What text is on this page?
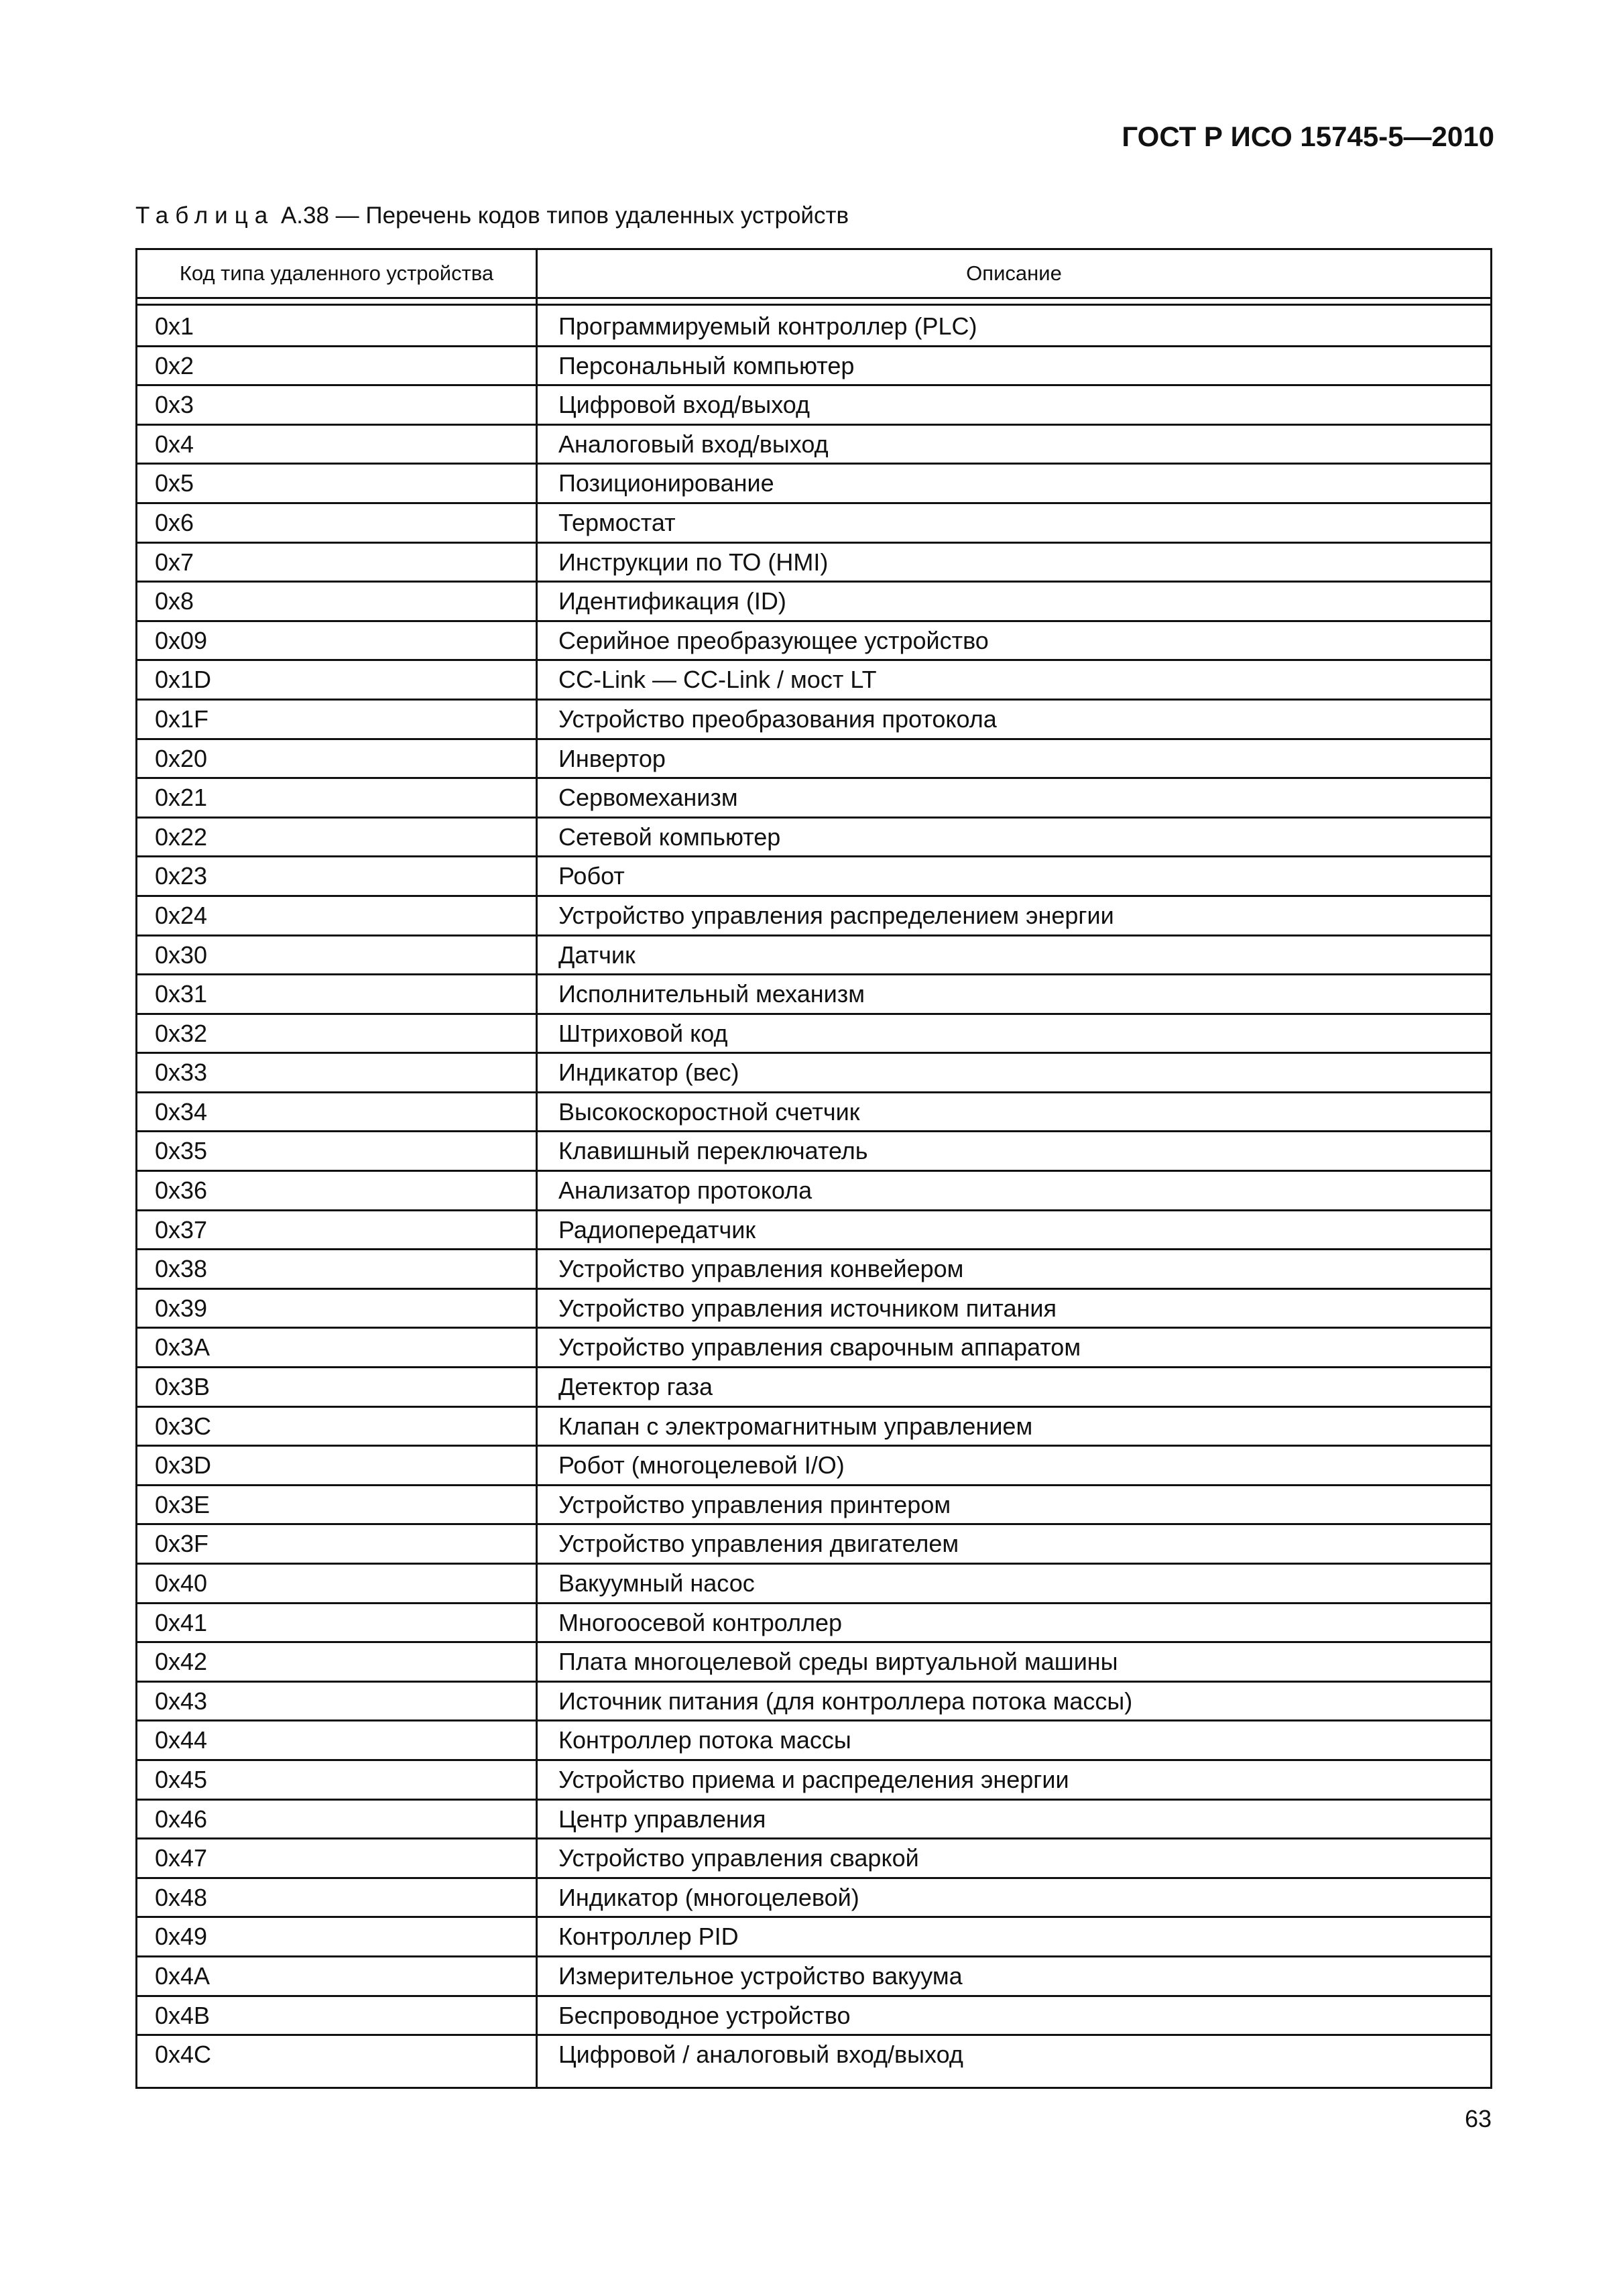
ГОСТ Р ИСО 15745-5—2010
Таблица А.38 — Перечень кодов типов удаленных устройств
Код типа удаленного устройства	Описание
0x1	Программируемый контроллер (PLC)
0x2	Персональный компьютер
0x3	Цифровой вход/выход
0x4	Аналоговый вход/выход
0x5	Позиционирование
0x6	Термостат
0x7	Инструкции по ТО (HMI)
0x8	Идентификация (ID)
0x09	Серийное преобразующее устройство
0x1D	CC-Link — CC-Link / мост LT
0x1F	Устройство преобразования протокола
0x20	Инвертор
0x21	Сервомеханизм
0x22	Сетевой компьютер
0x23	Робот
0x24	Устройство управления распределением энергии
0x30	Датчик
0x31	Исполнительный механизм
0x32	Штриховой код
0x33	Индикатор (вес)
0x34	Высокоскоростной счетчик
0x35	Клавишный переключатель
0x36	Анализатор протокола
0x37	Радиопередатчик
0x38	Устройство управления конвейером
0x39	Устройство управления источником питания
0x3A	Устройство управления сварочным аппаратом
0x3B	Детектор газа
0x3C	Клапан с электромагнитным управлением
0x3D	Робот (многоцелевой I/O)
0x3E	Устройство управления принтером
0x3F	Устройство управления двигателем
0x40	Вакуумный насос
0x41	Многоосевой контроллер
0x42	Плата многоцелевой среды виртуальной машины
0x43	Источник питания (для контроллера потока массы)
0x44	Контроллер потока массы
0x45	Устройство приема и распределения энергии
0x46	Центр управления
0x47	Устройство управления сваркой
0x48	Индикатор (многоцелевой)
0x49	Контроллер PID
0x4A	Измерительное устройство вакуума
0x4B	Беспроводное устройство
0x4C	Цифровой / аналоговый вход/выход
63
